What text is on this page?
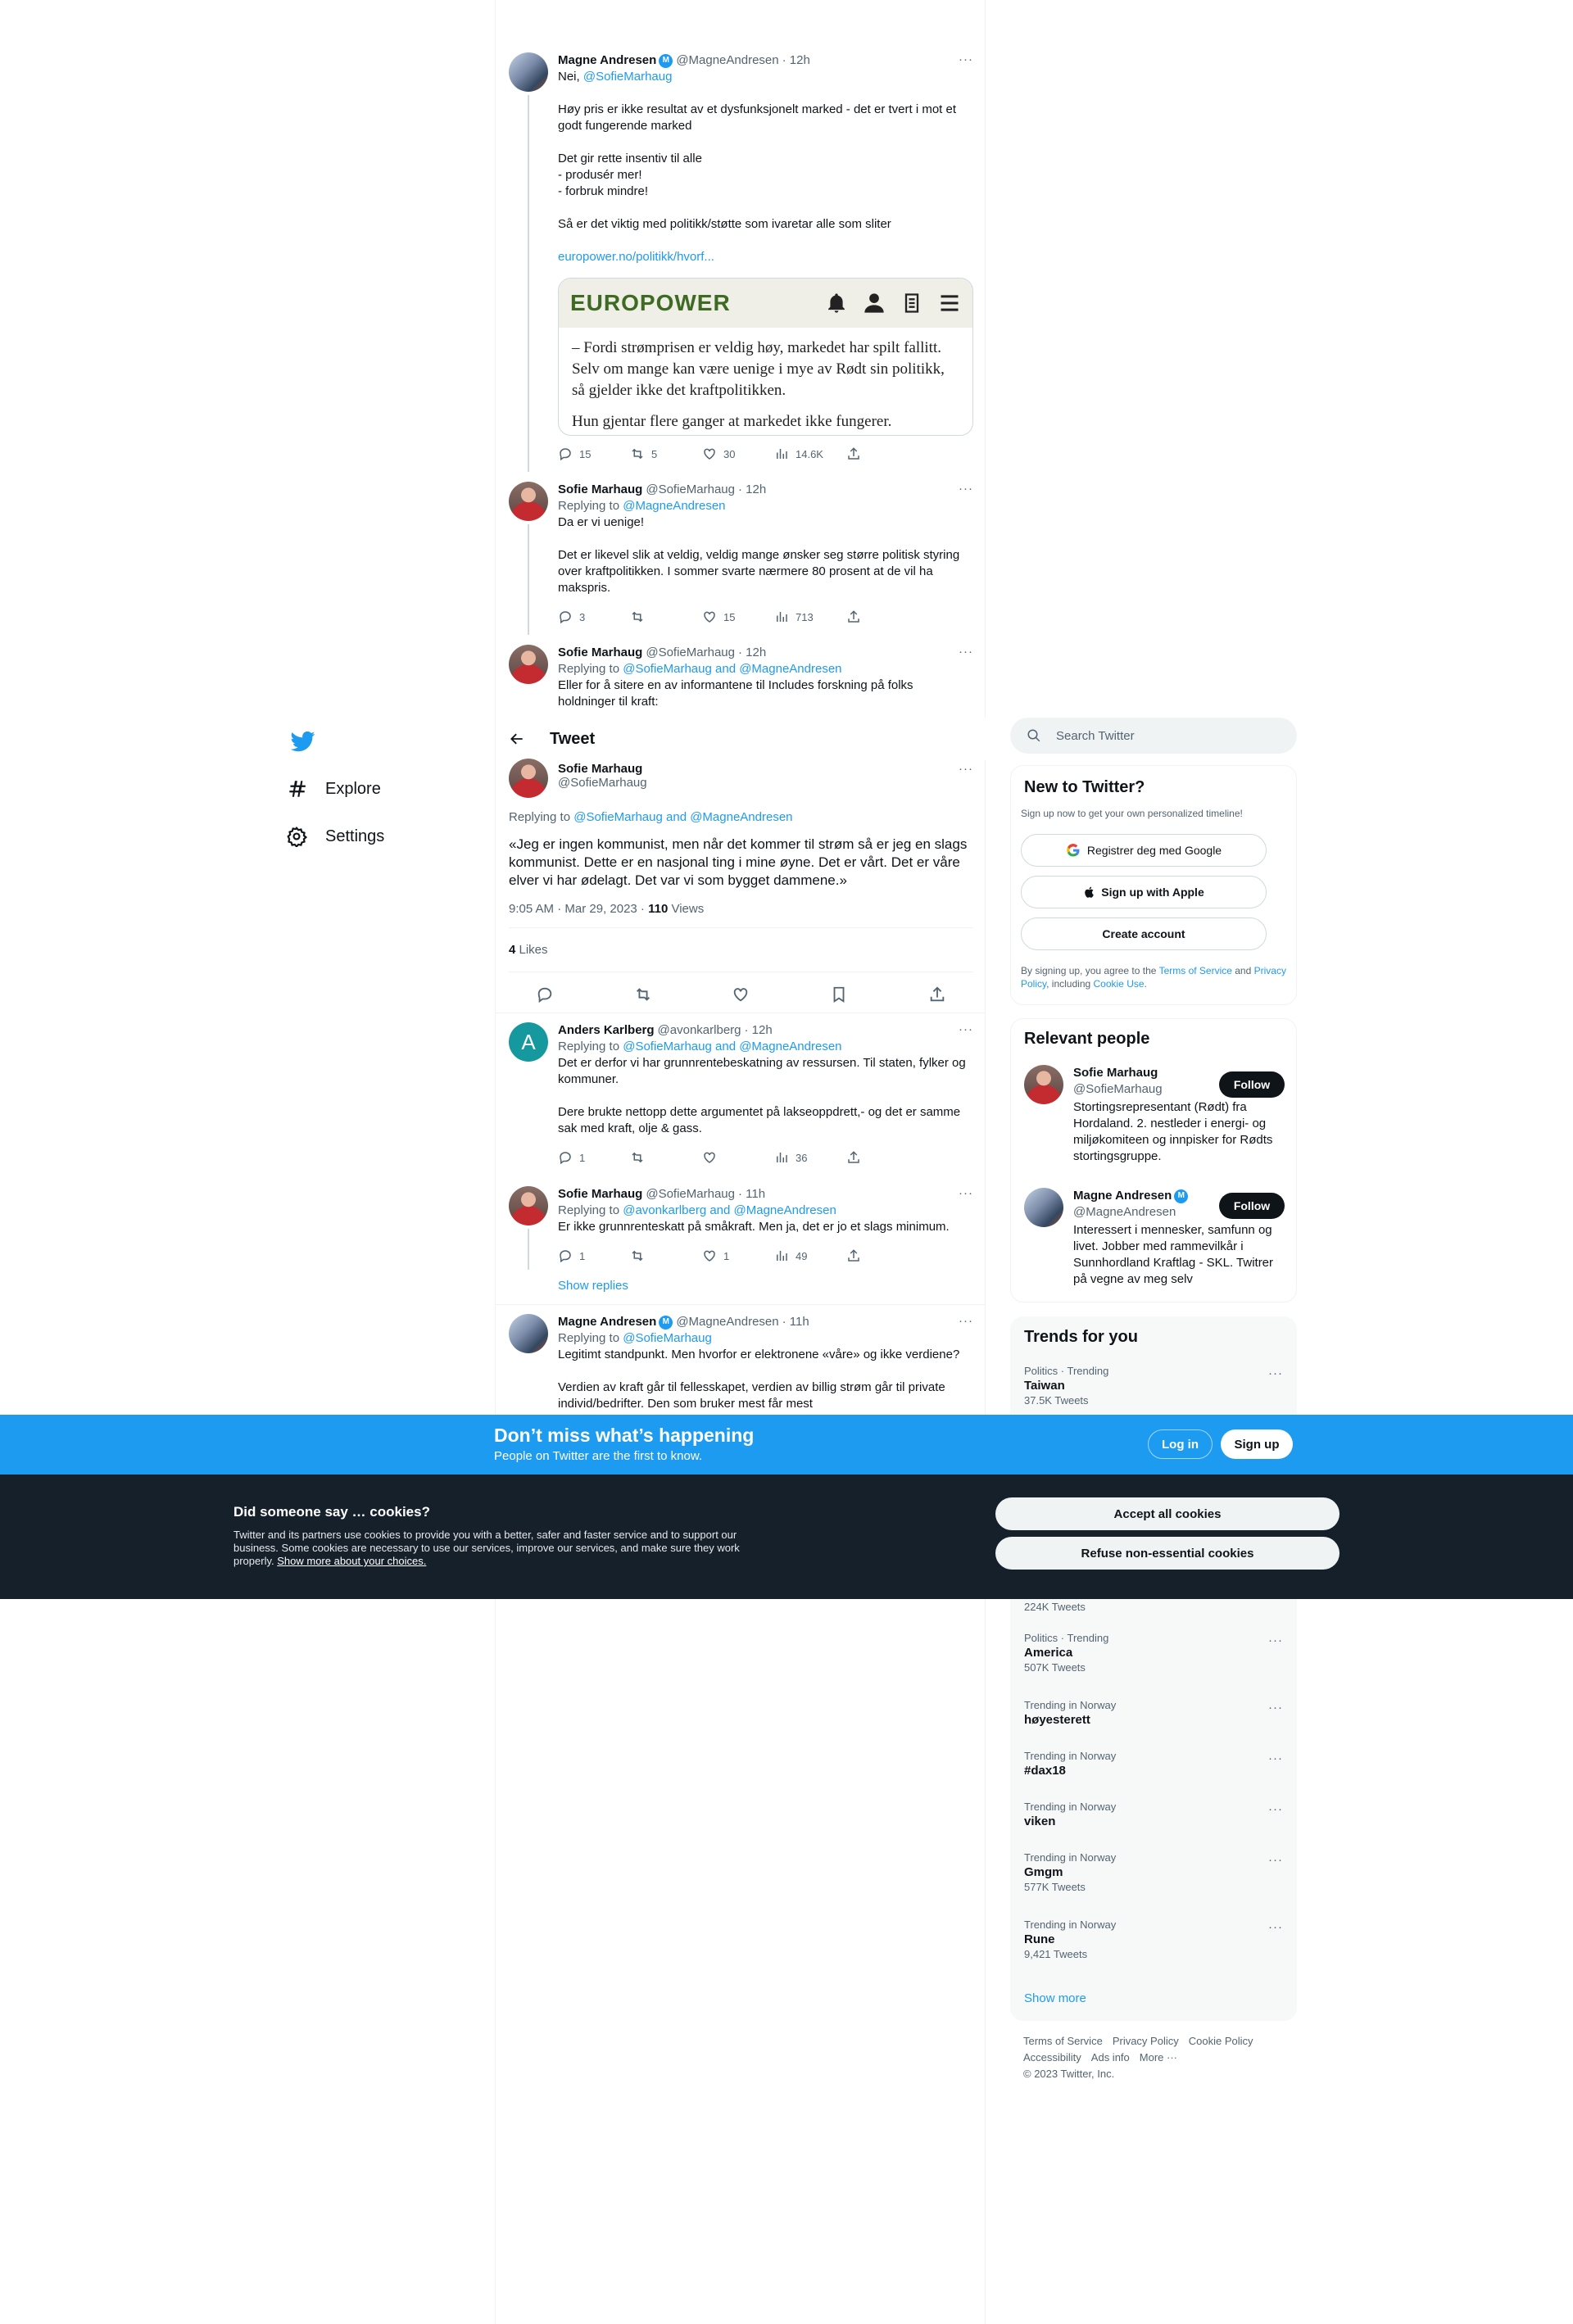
Explore
Settings
Magne Andresen M @MagneAndresen · 12h
Nei, @SofieMarhaug
Høy pris er ikke resultat av et dysfunksjonelt marked - det er tvert i mot et godt fungerende marked

Det gir rette insentiv til alle
- produsér mer!
- forbruk mindre!

Så er det viktig med politikk/støtte som ivaretar alle som sliter
europower.no/politikk/hvorf...
···
EUROPOWER

– Fordi strømprisen er veldig høy, markedet har spilt fallitt. Selv om mange kan være uenige i mye av Rødt sin politikk, så gjelder ikke det kraftpolitikken.

Hun gjentar flere ganger at markedet ikke fungerer.

15	5	30	14.6K
Sofie Marhaug @SofieMarhaug · 12h
Replying to @MagneAndresen
Da er vi uenige!

Det er likevel slik at veldig, veldig mange ønsker seg større politisk styring over kraftpolitikken. I sommer svarte nærmere 80 prosent at de vil ha makspris.
···
3	15	713
Sofie Marhaug @SofieMarhaug · 12h
Replying to @SofieMarhaug and @MagneAndresen
Eller for å sitere en av informantene til Includes forskning på folks holdninger til kraft:
···
Tweet
Sofie Marhaug
@SofieMarhaug
···
Replying to @SofieMarhaug and @MagneAndresen
«Jeg er ingen kommunist, men når det kommer til strøm så er jeg en slags kommunist. Dette er en nasjonal ting i mine øyne. Det er vårt. Det er våre elver vi har ødelagt. Det var vi som bygget dammene.»
9:05 AM · Mar 29, 2023 · 110 Views
4 Likes
A	Anders Karlberg @avonkarlberg · 12h
Replying to @SofieMarhaug and @MagneAndresen
Det er derfor vi har grunnrentebeskatning av ressursen. Til staten, fylker og kommuner.

Dere brukte nettopp dette argumentet på lakseoppdrett,- og det er samme sak med kraft, olje & gass.
···
1	36
Sofie Marhaug @SofieMarhaug · 11h
Replying to @avonkarlberg and @MagneAndresen
Er ikke grunnrenteskatt på småkraft. Men ja, det er jo et slags minimum.
···
1	1	49
Show replies
Magne Andresen M @MagneAndresen · 11h
Replying to @SofieMarhaug
Legitimt standpunkt. Men hvorfor er elektronene «våre» og ikke verdiene?

Verdien av kraft går til fellesskapet, verdien av billig strøm går til private individ/bedrifter. Den som bruker mest får mest
···
Search Twitter
New to Twitter?
Sign up now to get your own personalized timeline!
Registrer deg med Google
Sign up with Apple
Create account
By signing up, you agree to the Terms of Service and Privacy Policy, including Cookie Use.
Relevant people
Sofie Marhaug
@SofieMarhaug	Follow
Stortingsrepresentant (Rødt) fra Hordaland. 2. nestleder i energi- og miljøkomiteen og innpisker for Rødts stortingsgruppe.
Magne Andresen M
@MagneAndresen	Follow
Interessert i mennesker, samfunn og livet. Jobber med rammevilkår i Sunnhordland Kraftlag - SKL. Twitrer på vegne av meg selv
Trends for you
Politics · Trending
Taiwan
37.5K Tweets
···
224K Tweets
Politics · Trending
America
507K Tweets
···
Trending in Norway
høyesterett
···
Trending in Norway
#dax18
···
Trending in Norway
viken
···
Trending in Norway
Gmgm
577K Tweets
···
Trending in Norway
Rune
9,421 Tweets
···
Show more
Terms of Service Privacy Policy Cookie Policy
Accessibility Ads info More ···
© 2023 Twitter, Inc.
Don’t miss what’s happening
People on Twitter are the first to know.
Log in	Sign up
Did someone say … cookies?
Twitter and its partners use cookies to provide you with a better, safer and faster service and to support our business. Some cookies are necessary to use our services, improve our services, and make sure they work properly. Show more about your choices.
Accept all cookies
Refuse non-essential cookies
